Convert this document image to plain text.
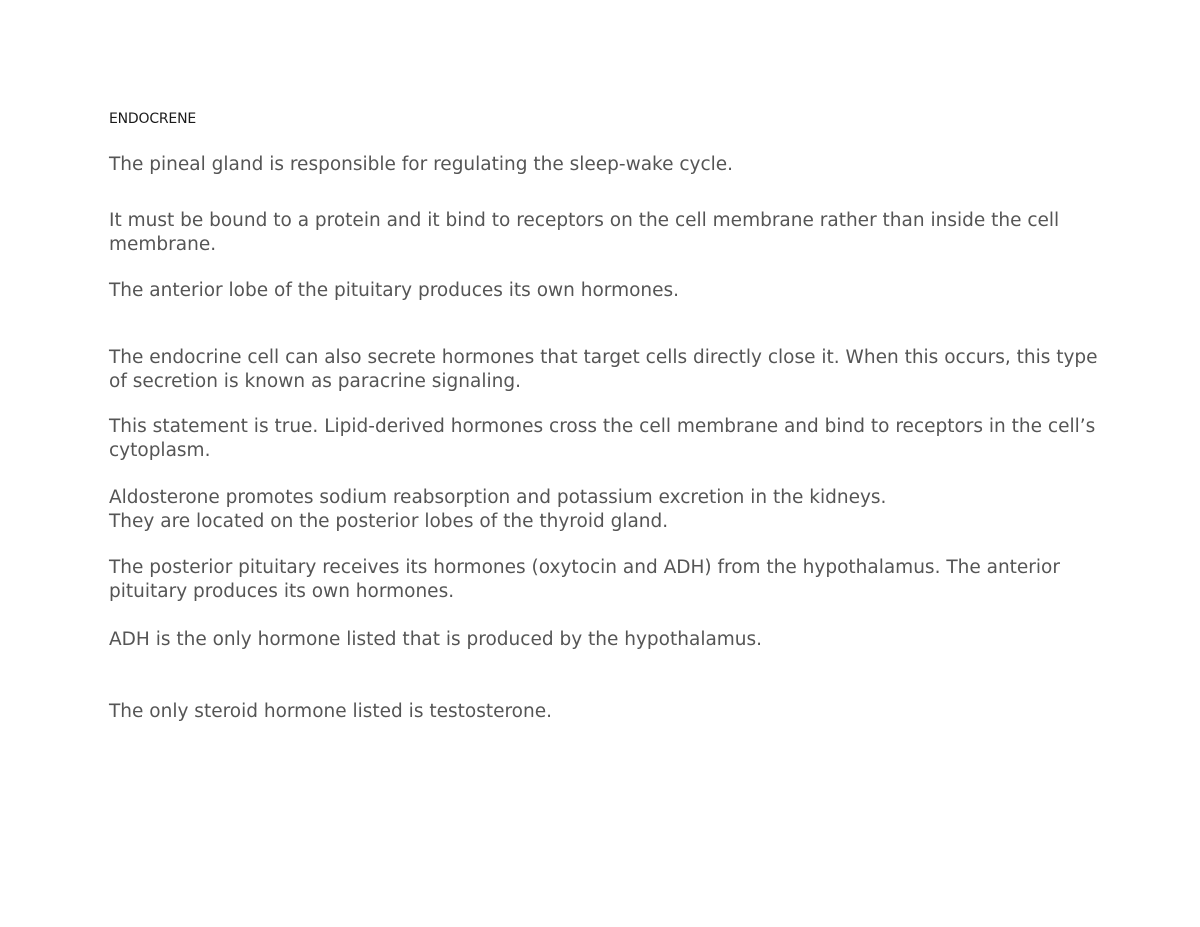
ENDOCRENE

The pineal gland is responsible for regulating the sleep-wake cycle.

It must be bound to a protein and it bind to receptors on the cell membrane rather than inside the cell membrane.

The anterior lobe of the pituitary produces its own hormones.

The endocrine cell can also secrete hormones that target cells directly close it. When this occurs, this type of secretion is known as paracrine signaling.

This statement is true. Lipid-derived hormones cross the cell membrane and bind to receptors in the cell’s cytoplasm.

Aldosterone promotes sodium reabsorption and potassium excretion in the kidneys.

They are located on the posterior lobes of the thyroid gland.

The posterior pituitary receives its hormones (oxytocin and ADH) from the hypothalamus. The anterior pituitary produces its own hormones.

ADH is the only hormone listed that is produced by the hypothalamus.

The only steroid hormone listed is testosterone.
